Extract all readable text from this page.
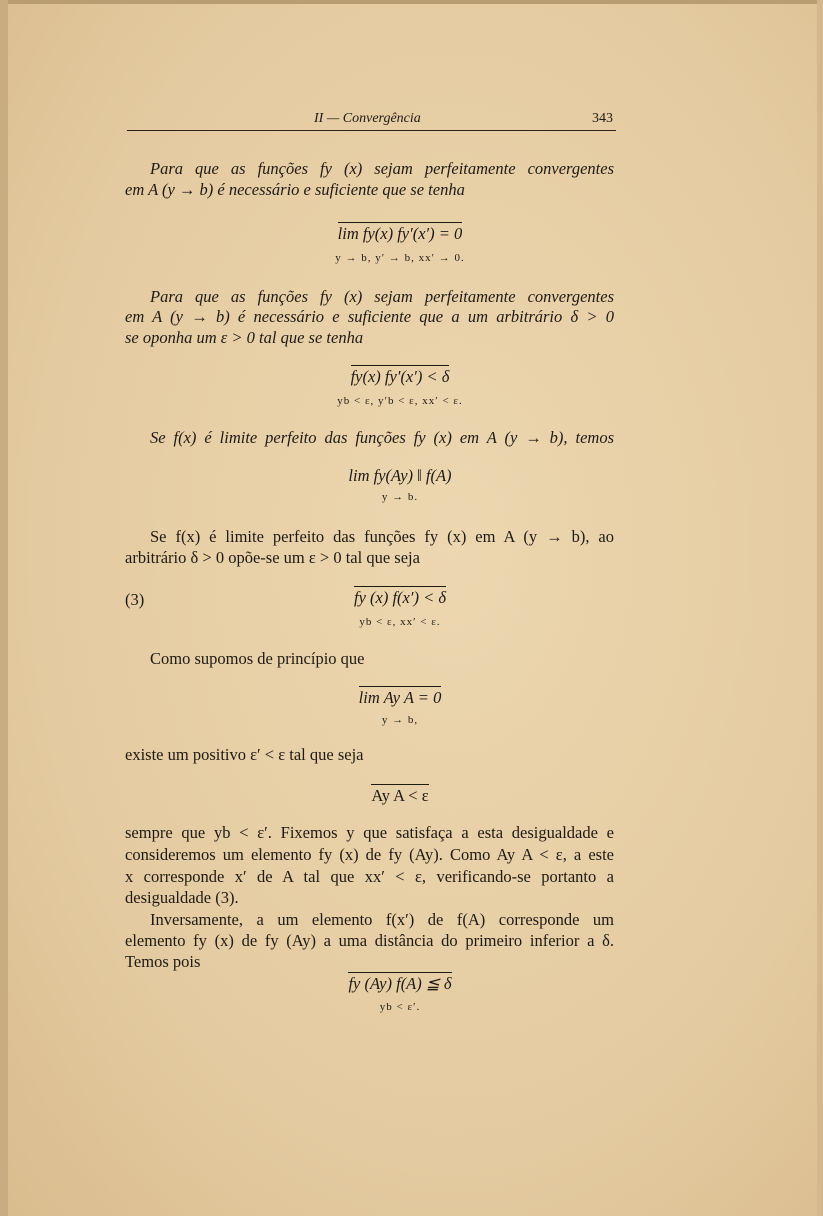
II — Convergência	343
Para que as funções fy (x) sejam perfeitamente convergentes
em A (y → b) é necessário e suficiente que se tenha
lim fy(x) fy′(x′) = 0
y → b, y′ → b, xx′ → 0.
Para que as funções fy (x) sejam perfeitamente convergentes
em A (y → b) é necessário e suficiente que a um arbitrário δ > 0
se oponha um ε > 0 tal que se tenha
fy(x) fy′(x′) < δ
yb < ε, y′b < ε, xx′ < ε.
Se f(x) é limite perfeito das funções fy (x) em A (y → b), temos
lim fy(Ay) ‖ f(A)
y → b.
Se f(x) é limite perfeito das funções fy (x) em A (y → b), ao
arbitrário δ > 0 opõe-se um ε > 0 tal que seja
(3)	fy (x) f(x′) < δ
yb < ε, xx′ < ε.
Como supomos de princípio que
lim Ay A = 0
y → b,
existe um positivo ε′ < ε tal que seja
Ay A < ε
sempre que yb < ε′. Fixemos y que satisfaça a esta desigualdade e
consideremos um elemento fy (x) de fy (Ay). Como Ay A < ε, a este
x corresponde x′ de A tal que xx′ < ε, verificando-se portanto a
desigualdade (3).
Inversamente, a um elemento f(x′) de f(A) corresponde um
elemento fy (x) de fy (Ay) a uma distância do primeiro inferior a δ.
Temos pois
fy (Ay) f(A) ≦ δ
yb < ε′.
